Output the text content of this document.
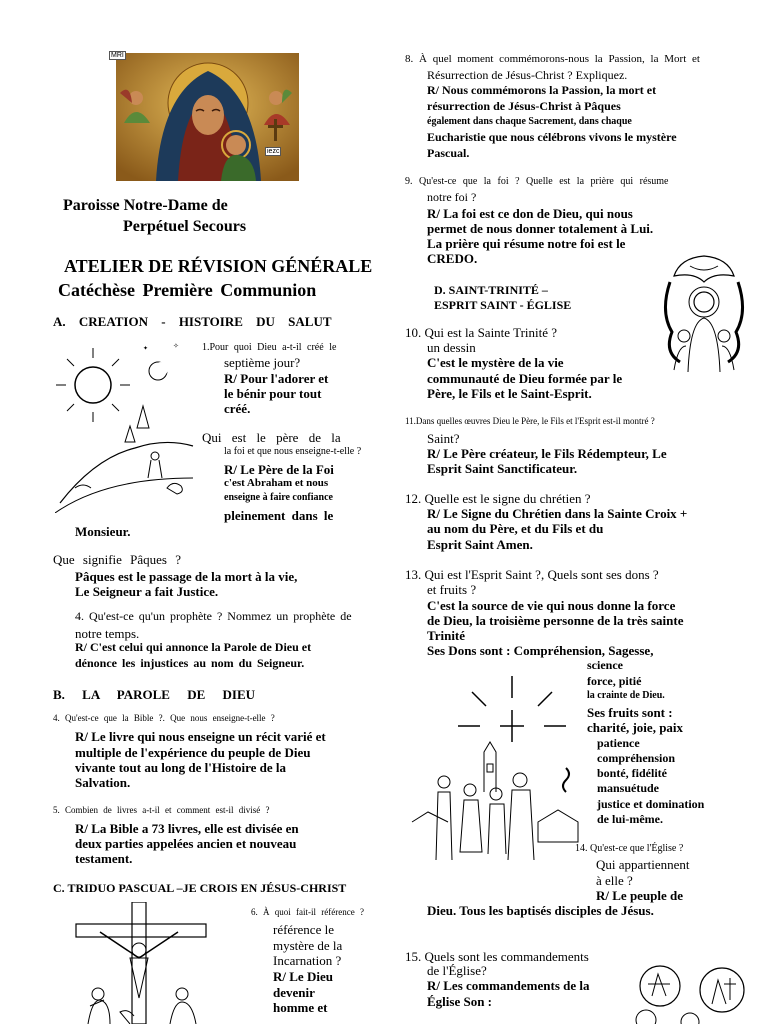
MRI
iezc
Paroisse Notre-Dame de
Perpétuel Secours
ATELIER DE RÉVISION GÉNÉRALE
Catéchèse Première Communion
A. CREATION - HISTOIRE DU SALUT
✧
✦	1.Pour quoi Dieu a-t-il créé le
septième jour?
R/ Pour l'adorer et
le bénir pour tout
créé.
Qui est le père de la
la foi et que nous enseigne-t-elle ?
R/ Le Père de la Foi
c'est Abraham et nous
enseigne à faire confiance
pleinement dans le
Monsieur.
Que signifie Pâques ?
Pâques est le passage de la mort à la vie,
Le Seigneur a fait Justice.
4. Qu'est-ce qu'un prophète ? Nommez un prophète de
notre temps.
R/ C'est celui qui annonce la Parole de Dieu et
dénonce les injustices au nom du Seigneur.
B. LA PAROLE DE DIEU
4. Qu'est-ce que la Bible ?. Que nous enseigne-t-elle ?
R/ Le livre qui nous enseigne un récit varié et
multiple de l'expérience du peuple de Dieu
vivante tout au long de l'Histoire de la
Salvation.
5. Combien de livres a-t-il et comment est-il divisé ?
R/ La Bible a 73 livres, elle est divisée en
deux parties appelées ancien et nouveau
testament.
C. TRIDUO PASCUAL –JE CROIS EN JÉSUS-CHRIST
6. À quoi fait-il référence ?
référence le
mystère de la
Incarnation ?
R/ Le Dieu
devenir
homme et
8. À quel moment commémorons-nous la Passion, la Mort et
Résurrection de Jésus-Christ ? Expliquez.
R/ Nous commémorons la Passion, la mort et
résurrection de Jésus-Christ à Pâques
également dans chaque Sacrement, dans chaque
Eucharistie que nous célébrons vivons le mystère
Pascual.
9. Qu'est-ce que la foi ? Quelle est la prière qui résume
notre foi ?
R/ La foi est ce don de Dieu, qui nous
permet de nous donner totalement à Lui.
La prière qui résume notre foi est le
CREDO.
D. SAINT-TRINITÉ –
ESPRIT SAINT - ÉGLISE
10. Qui est la Sainte Trinité ?
un dessin
C'est le mystère de la vie
communauté de Dieu formée par le
Père, le Fils et le Saint-Esprit.
11.Dans quelles œuvres Dieu le Père, le Fils et l'Esprit est-il montré ?
Saint?
R/ Le Père créateur, le Fils Rédempteur, Le
Esprit Saint Sanctificateur.
12. Quelle est le signe du chrétien ?
R/ Le Signe du Chrétien dans la Sainte Croix +
au nom du Père, et du Fils et du
Esprit Saint Amen.
13. Qui est l'Esprit Saint ?, Quels sont ses dons ?
et fruits ?
C'est la source de vie qui nous donne la force
de Dieu, la troisième personne de la très sainte
Trinité
Ses Dons sont : Compréhension, Sagesse,
science
force, pitié
la crainte de Dieu.
Ses fruits sont :
charité, joie, paix
patience
compréhension
bonté, fidélité
mansuétude
justice et domination
de lui-même.
14. Qu'est-ce que l'Église ?
Qui appartiennent
à elle ?
R/ Le peuple de
Dieu. Tous les baptisés disciples de Jésus.
15. Quels sont les commandements
de l'Église?
R/ Les commandements de la
Église Son :
